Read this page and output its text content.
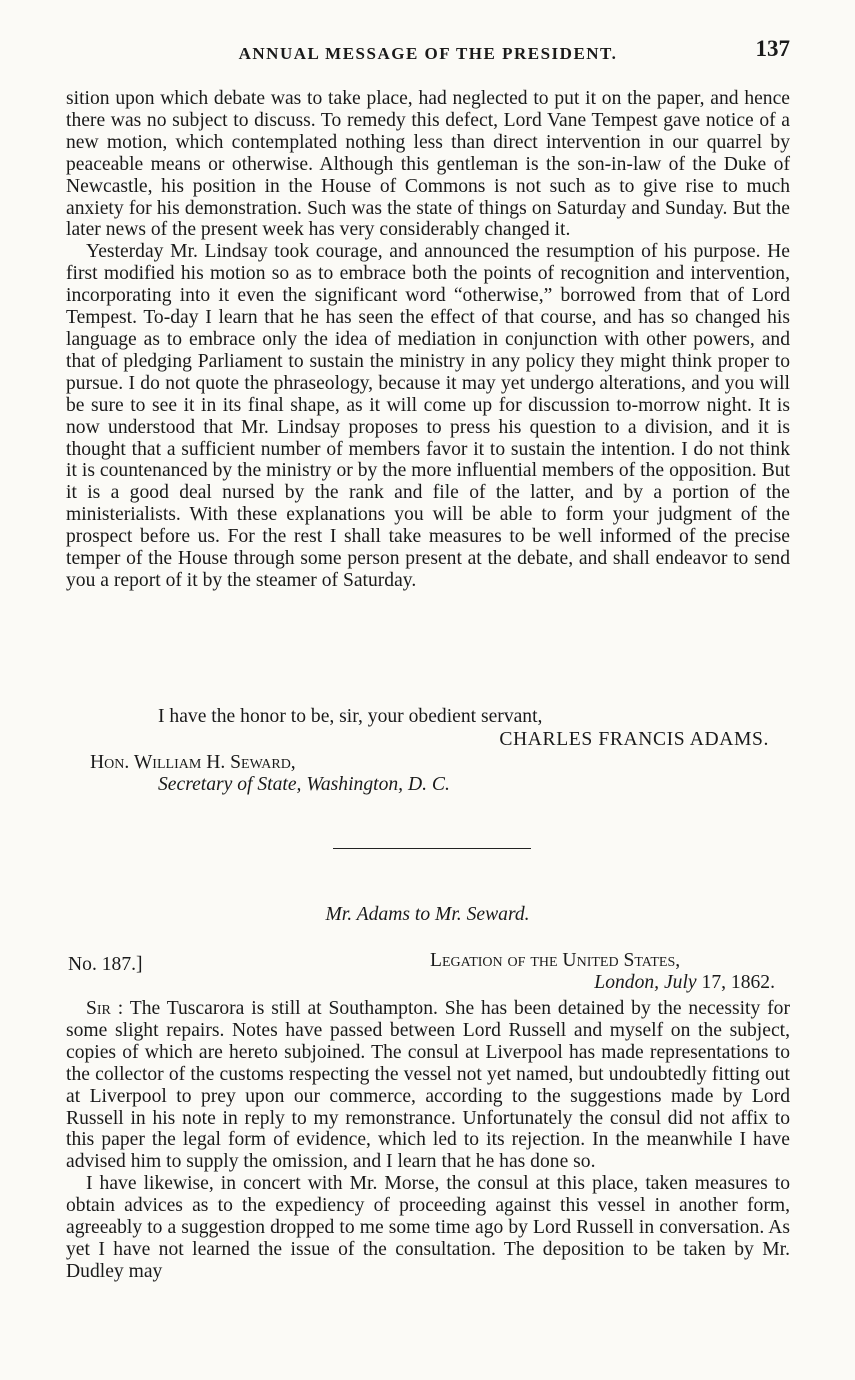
ANNUAL MESSAGE OF THE PRESIDENT.	137

sition upon which debate was to take place, had neglected to put it on the paper, and hence there was no subject to discuss. To remedy this defect, Lord Vane Tempest gave notice of a new motion, which contemplated nothing less than direct intervention in our quarrel by peaceable means or otherwise. Although this gentleman is the son-in-law of the Duke of Newcastle, his position in the House of Commons is not such as to give rise to much anxiety for his demonstration. Such was the state of things on Saturday and Sunday. But the later news of the present week has very considerably changed it.

Yesterday Mr. Lindsay took courage, and announced the resumption of his purpose. He first modified his motion so as to embrace both the points of recognition and intervention, incorporating into it even the significant word “otherwise,” borrowed from that of Lord Tempest. To-day I learn that he has seen the effect of that course, and has so changed his language as to embrace only the idea of mediation in conjunction with other powers, and that of pledging Parliament to sustain the ministry in any policy they might think proper to pursue. I do not quote the phraseology, because it may yet undergo alterations, and you will be sure to see it in its final shape, as it will come up for discussion to-morrow night. It is now understood that Mr. Lindsay proposes to press his question to a division, and it is thought that a sufficient number of members favor it to sustain the intention. I do not think it is countenanced by the ministry or by the more influential members of the opposition. But it is a good deal nursed by the rank and file of the latter, and by a portion of the ministerialists. With these explanations you will be able to form your judgment of the prospect before us. For the rest I shall take measures to be well informed of the precise temper of the House through some person present at the debate, and shall endeavor to send you a report of it by the steamer of Saturday.

I have the honor to be, sir, your obedient servant,
CHARLES FRANCIS ADAMS.
Hon. William H. Seward,
Secretary of State, Washington, D. C.
Mr. Adams to Mr. Seward.
No. 187.]	Legation of the United States,
London, July 17, 1862.

Sir : The Tuscarora is still at Southampton. She has been detained by the necessity for some slight repairs. Notes have passed between Lord Russell and myself on the subject, copies of which are hereto subjoined. The consul at Liverpool has made representations to the collector of the customs respecting the vessel not yet named, but undoubtedly fitting out at Liverpool to prey upon our commerce, according to the suggestions made by Lord Russell in his note in reply to my remonstrance. Unfortunately the consul did not affix to this paper the legal form of evidence, which led to its rejection. In the meanwhile I have advised him to supply the omission, and I learn that he has done so.

I have likewise, in concert with Mr. Morse, the consul at this place, taken measures to obtain advices as to the expediency of proceeding against this vessel in another form, agreeably to a suggestion dropped to me some time ago by Lord Russell in conversation. As yet I have not learned the issue of the consultation. The deposition to be taken by Mr. Dudley may
